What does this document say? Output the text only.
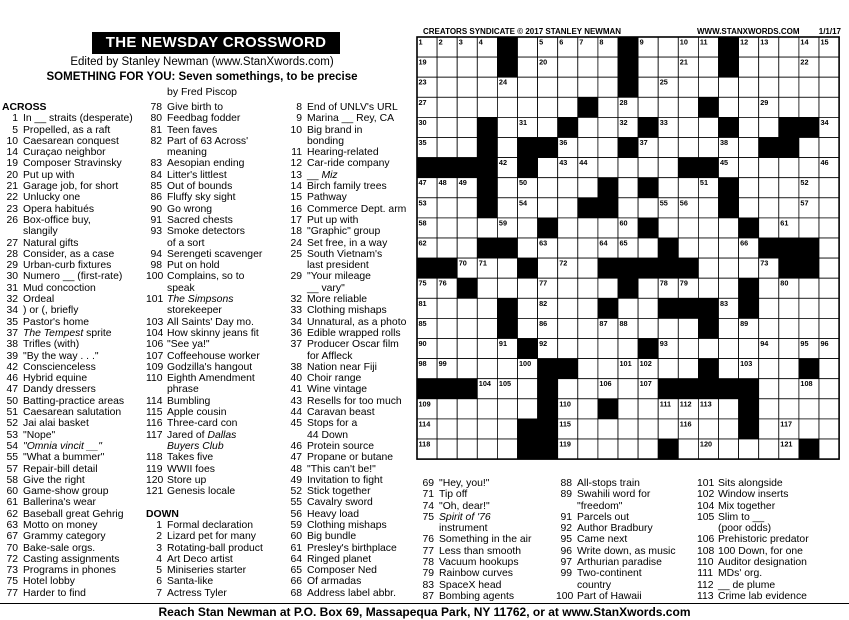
THE NEWSDAY CROSSWORD
Edited by Stanley Newman (www.StanXwords.com)
SOMETHING FOR YOU: Seven somethings, to be precise
by Fred Piscop
CREATORS SYNDICATE © 2017 STANLEY NEWMAN	WWW.STANXWORDS.COM 1/1/17
ACROSS
1 In __ straits (desperate)
5 Propelled, as a raft
10 Caesarean conquest
14 Curaçao neighbor
19 Composer Stravinsky
20 Put up with
21 Garage job, for short
22 Unlucky one
23 Opera habitués
26 Box-office buy,
slangily
27 Natural gifts
28 Consider, as a case
29 Urban-curb fixtures
30 Numero __ (first-rate)
31 Mud concoction
32 Ordeal
34 ) or (, briefly
35 Pastor's home
37 The Tempest sprite
38 Trifles (with)
39 "By the way . . ."
42 Conscienceless
46 Hybrid equine
47 Dandy dressers
50 Batting-practice areas
51 Caesarean salutation
52 Jai alai basket
53 "Nope"
54 "Omnia vincit __"
55 "What a bummer"
57 Repair-bill detail
58 Give the right
60 Game-show group
61 Ballerina's wear
62 Baseball great Gehrig
63 Motto on money
67 Grammy category
70 Bake-sale orgs.
72 Casting assignments
73 Programs in phones
75 Hotel lobby
77 Harder to find
78 Give birth to
80 Feedbag fodder
81 Teen faves
82 Part of 63 Across'
meaning
83 Aesopian ending
84 Litter's littlest
85 Out of bounds
86 Fluffy sky sight
90 Go wrong
91 Sacred chests
93 Smoke detectors
of a sort
94 Serengeti scavenger
98 Put on hold
100 Complains, so to
speak
101 The Simpsons
storekeeper
103 All Saints' Day mo.
104 How skinny jeans fit
106 "See ya!"
107 Coffeehouse worker
109 Godzilla's hangout
110 Eighth Amendment
phrase
114 Bumbling
115 Apple cousin
116 Three-card con
117 Jared of Dallas
Buyers Club
118 Takes five
119 WWII foes
120 Store up
121 Genesis locale

DOWN
1 Formal declaration
2 Lizard pet for many
3 Rotating-ball product
4 Art Deco artist
5 Miniseries starter
6 Santa-like
7 Actress Tyler
8 End of UNLV's URL
9 Marina __ Rey, CA
10 Big brand in
bonding
11 Hearing-related
12 Car-ride company
13 __ Miz
14 Birch family trees
15 Pathway
16 Commerce Dept. arm
17 Put up with
18 "Graphic" group
24 Set free, in a way
25 South Vietnam's
last president
29 "Your mileage
__ vary"
32 More reliable
33 Clothing mishaps
34 Unnatural, as a photo
36 Edible wrapped rolls
37 Producer Oscar film
for Affleck
38 Nation near Fiji
40 Choir range
41 Wine vintage
43 Resells for too much
44 Caravan beast
45 Stops for a
44 Down
46 Protein source
47 Propane or butane
48 "This can't be!"
49 Invitation to fight
52 Stick together
55 Cavalry sword
56 Heavy load
59 Clothing mishaps
60 Big bundle
61 Presley's birthplace
64 Ringed planet
65 Composer Ned
66 Of armadas
68 Address label abbr.
69 "Hey, you!"
71 Tip off
74 "Oh, dear!"
75 Spirit of '76
instrument
76 Something in the air
77 Less than smooth
78 Vacuum hookups
79 Rainbow curves
83 SpaceX head
87 Bombing agents
88 All-stops train
89 Swahili word for
"freedom"
91 Parcels out
92 Author Bradbury
95 Came next
96 Write down, as music
97 Arthurian paradise
99 Two-continent
country
100 Part of Hawaii
101 Sits alongside
102 Window inserts
104 Mix together
105 Slim to __
(poor odds)
106 Prehistoric predator
108 100 Down, for one
110 Auditor designation
111 MDs' org.
112 __ de plume
113 Crime lab evidence
1 2 3 4	5 6 7 8	9	10 11	12 13	14 15
19	20	21	22
23	24	25
27	28	29
30	31	32	33	34
35	36	37	38
42	43 44	45	46
47 48 49	50	51	52
53	54	55 56	57
58	59	60	61
62	63	64 65	66
70 71	72	73
75 76	77	78 79	80
81	82	83
85	86	87 88	89
90	91	92	93	94	95 96
98 99	100	101 102	103
104 105	106	107	108
109	110	111 112 113
114	115	116	117
118	119	120	121
Reach Stan Newman at P.O. Box 69, Massapequa Park, NY 11762, or at www.StanXwords.com
